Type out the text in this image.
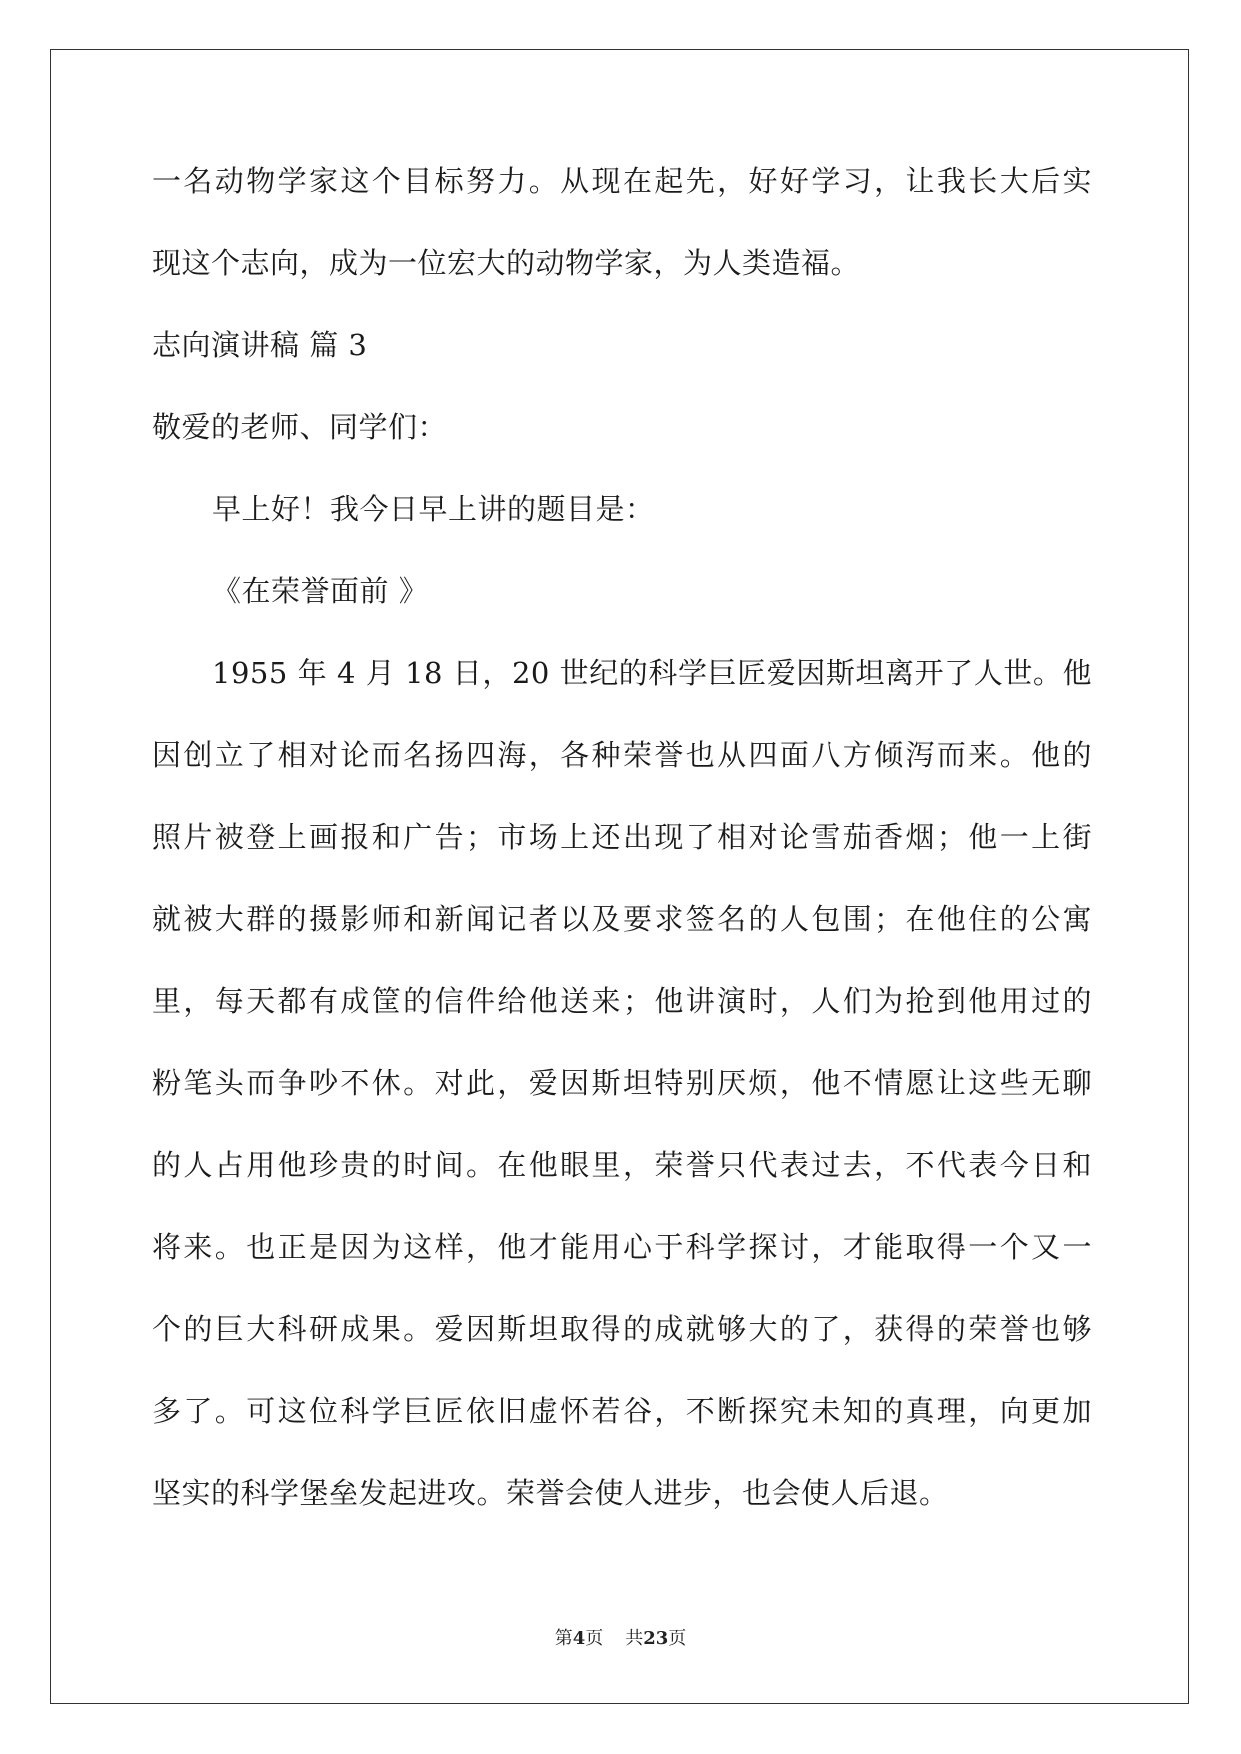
一名动物学家这个目标努力。从现在起先，好好学习，让我长大后实
现这个志向，成为一位宏大的动物学家，为人类造福。
志向演讲稿 篇 3
敬爱的老师、同学们：
早上好！我今日早上讲的题目是：
《在荣誉面前 》
1955 年 4 月 18 日，20 世纪的科学巨匠爱因斯坦离开了人世。他
因创立了相对论而名扬四海，各种荣誉也从四面八方倾泻而来。他的
照片被登上画报和广告；市场上还出现了相对论雪茄香烟；他一上街
就被大群的摄影师和新闻记者以及要求签名的人包围；在他住的公寓
里，每天都有成筐的信件给他送来；他讲演时，人们为抢到他用过的
粉笔头而争吵不休。对此，爱因斯坦特别厌烦，他不情愿让这些无聊
的人占用他珍贵的时间。在他眼里，荣誉只代表过去，不代表今日和
将来。也正是因为这样，他才能用心于科学探讨，才能取得一个又一
个的巨大科研成果。爱因斯坦取得的成就够大的了，获得的荣誉也够
多了。可这位科学巨匠依旧虚怀若谷，不断探究未知的真理，向更加
坚实的科学堡垒发起进攻。荣誉会使人进步，也会使人后退。
第4页 共23页
